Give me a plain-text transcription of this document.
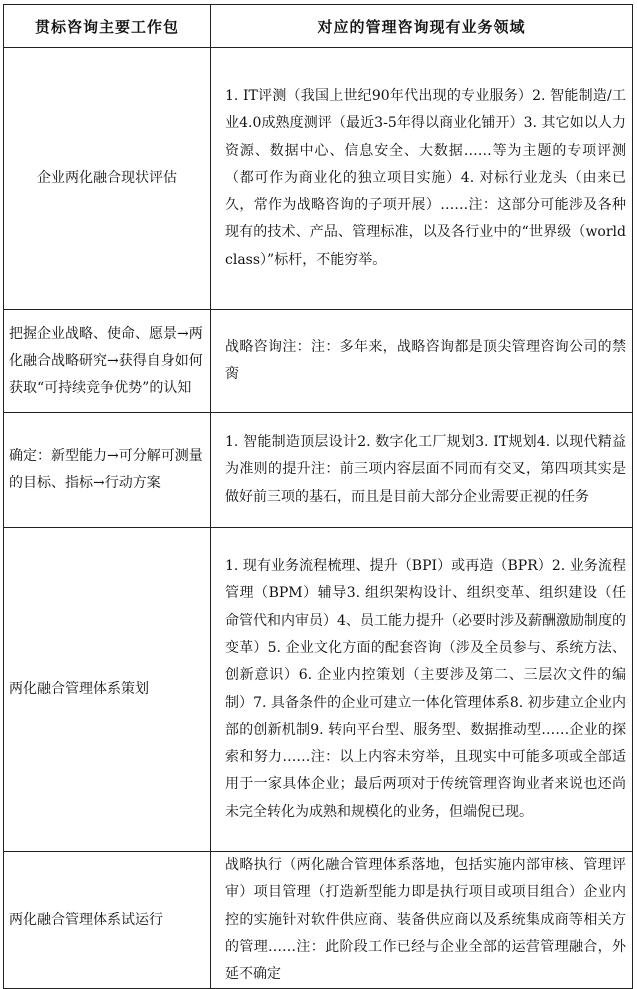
贯标咨询主要工作包	对应的管理咨询现有业务领域
企业两化融合现状评估	1. IT评测（我国上世纪90年代出现的专业服务）2. 智能制造/工业4.0成熟度测评（最近3-5年得以商业化铺开）3. 其它如以人力资源、数据中心、信息安全、大数据……等为主题的专项评测（都可作为商业化的独立项目实施）4. 对标行业龙头（由来已久，常作为战略咨询的子项开展）……注：这部分可能涉及各种现有的技术、产品、管理标准，以及各行业中的“世界级（world class）”标杆，不能穷举。
把握企业战略、使命、愿景→两化融合战略研究→获得自身如何获取“可持续竞争优势”的认知	战略咨询注：注：多年来，战略咨询都是顶尖管理咨询公司的禁脔
确定：新型能力→可分解可测量的目标、指标→行动方案	1. 智能制造顶层设计2. 数字化工厂规划3. IT规划4. 以现代精益为准则的提升注：前三项内容层面不同而有交叉，第四项其实是做好前三项的基石，而且是目前大部分企业需要正视的任务
两化融合管理体系策划	1. 现有业务流程梳理、提升（BPI）或再造（BPR）2. 业务流程管理（BPM）辅导3. 组织架构设计、组织变革、组织建设（任命管代和内审员）4、员工能力提升（必要时涉及薪酬激励制度的变革）5. 企业文化方面的配套咨询（涉及全员参与、系统方法、创新意识）6. 企业内控策划（主要涉及第二、三层次文件的编制）7. 具备条件的企业可建立一体化管理体系8. 初步建立企业内部的创新机制9. 转向平台型、服务型、数据推动型……企业的探索和努力……注：以上内容未穷举，且现实中可能多项或全部适用于一家具体企业；最后两项对于传统管理咨询业者来说也还尚未完全转化为成熟和规模化的业务，但端倪已现。
两化融合管理体系试运行	战略执行（两化融合管理体系落地，包括实施内部审核、管理评审）项目管理（打造新型能力即是执行项目或项目组合）企业内控的实施针对软件供应商、装备供应商以及系统集成商等相关方的管理……注：此阶段工作已经与企业全部的运营管理融合，外延不确定
